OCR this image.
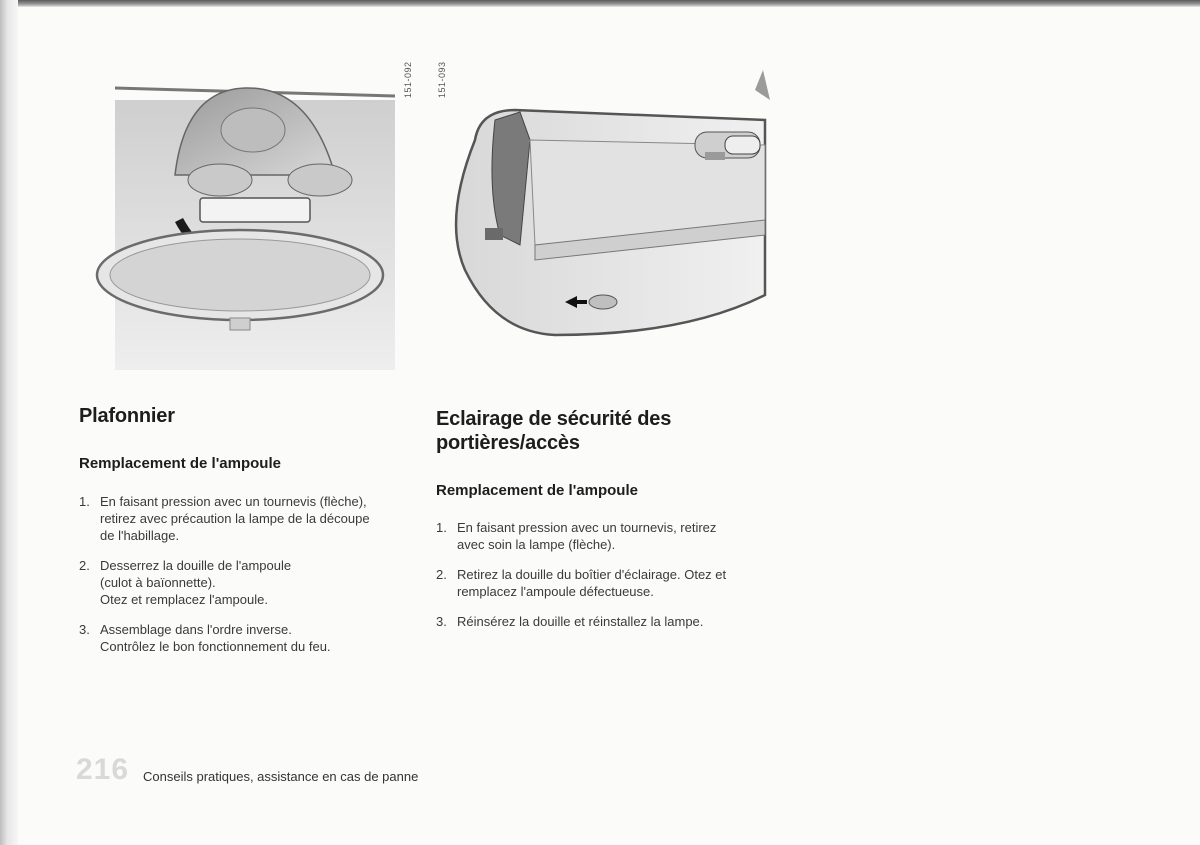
151-092	151-093
Plafonnier
Remplacement de l'ampoule
1. En faisant pression avec un tournevis (flèche),
retirez avec précaution la lampe de la découpe
de l'habillage.
2. Desserrez la douille de l'ampoule
(culot à baïonnette).
Otez et remplacez l'ampoule.
3. Assemblage dans l'ordre inverse.
Contrôlez le bon fonctionnement du feu.
Eclairage de sécurité des
portières/accès
Remplacement de l'ampoule
1. En faisant pression avec un tournevis, retirez
avec soin la lampe (flèche).
2. Retirez la douille du boîtier d'éclairage. Otez et
remplacez l'ampoule défectueuse.
3. Réinsérez la douille et réinstallez la lampe.
216 Conseils pratiques, assistance en cas de panne
